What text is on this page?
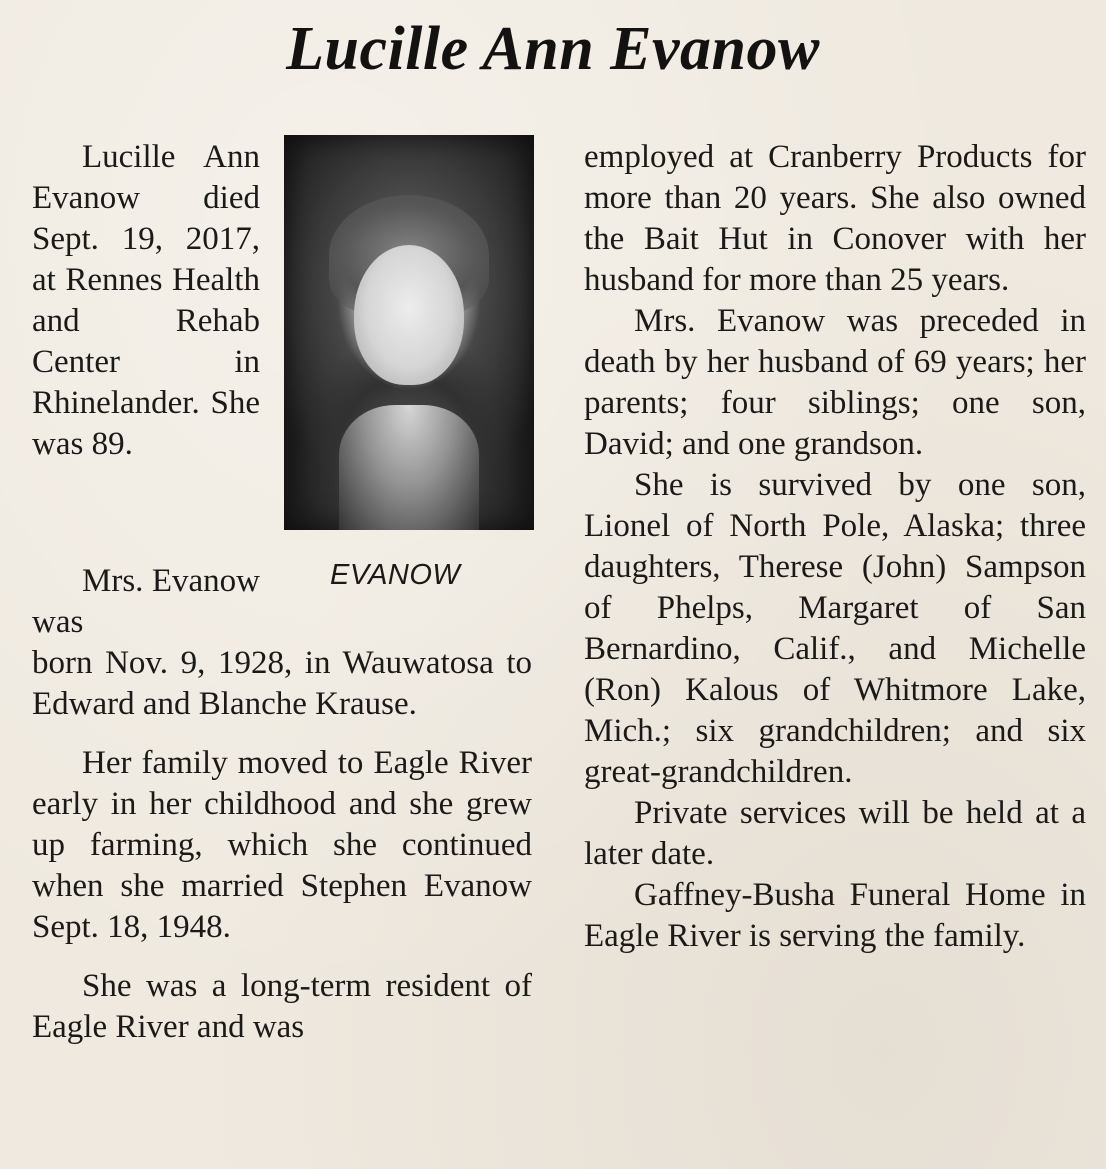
Lucille Ann Evanow

Lucille Ann Evanow died Sept. 19, 2017, at Rennes Health and Rehab Center in Rhinelander. She was 89.

EVANOW

Mrs. Evanow was

born Nov. 9, 1928, in Wauwatosa to Edward and Blanche Krause.

Her family moved to Eagle River early in her childhood and she grew up farming, which she continued when she married Stephen Evanow Sept. 18, 1948.

She was a long-term resident of Eagle River and was

employed at Cranberry Products for more than 20 years. She also owned the Bait Hut in Conover with her husband for more than 25 years.

Mrs. Evanow was preceded in death by her husband of 69 years; her parents; four siblings; one son, David; and one grandson.

She is survived by one son, Lionel of North Pole, Alaska; three daughters, Therese (John) Sampson of Phelps, Margaret of San Bernardino, Calif., and Michelle (Ron) Kalous of Whitmore Lake, Mich.; six grandchildren; and six great-grandchildren.

Private services will be held at a later date.

Gaffney-Busha Funeral Home in Eagle River is serving the family.
